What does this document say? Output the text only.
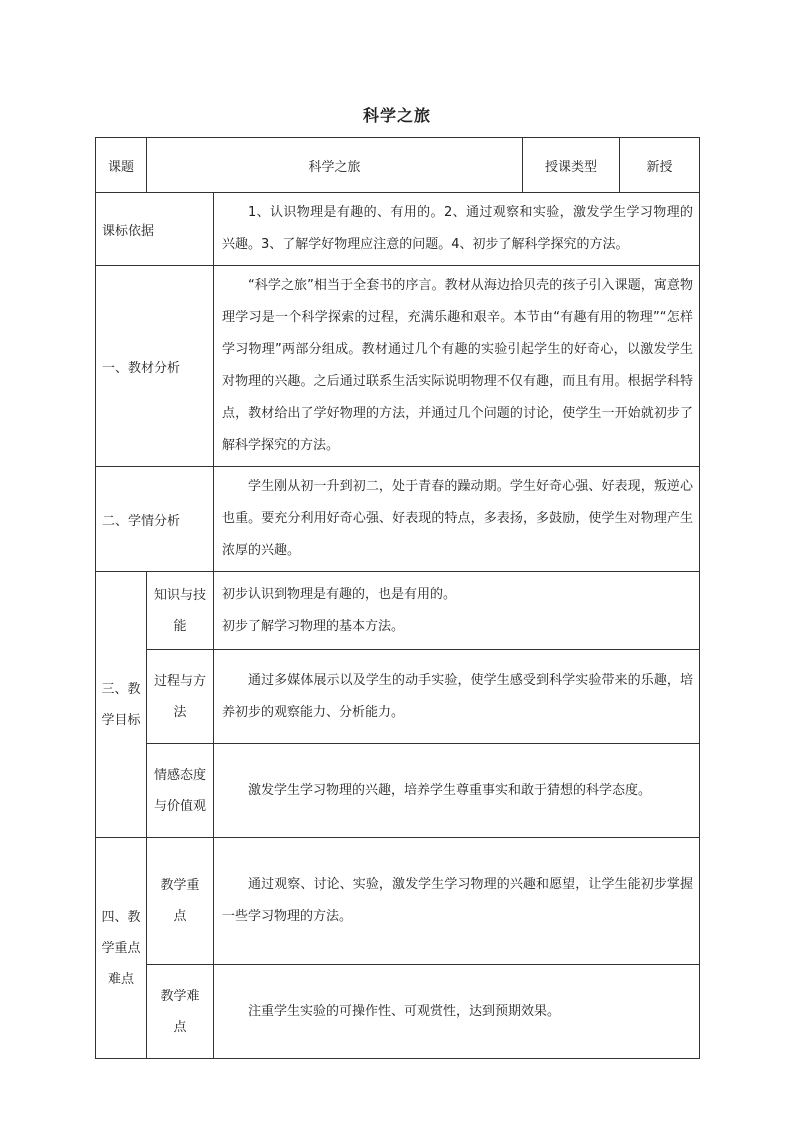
科学之旅
课题	科学之旅		授课类型	新授
课标依据		1、认识物理是有趣的、有用的。2、通过观察和实验，激发学生学习物理的兴趣。3、了解学好物理应注意的问题。4、初步了解科学探究的方法。		
一、教材分析		“科学之旅”相当于全套书的序言。教材从海边拾贝壳的孩子引入课题，寓意物理学习是一个科学探索的过程，充满乐趣和艰辛。本节由“有趣有用的物理”“怎样学习物理”两部分组成。教材通过几个有趣的实验引起学生的好奇心，以激发学生对物理的兴趣。之后通过联系生活实际说明物理不仅有趣，而且有用。根据学科特点，教材给出了学好物理的方法，并通过几个问题的讨论，使学生一开始就初步了解科学探究的方法。		
二、学情分析		学生刚从初一升到初二，处于青春的躁动期。学生好奇心强、好表现，叛逆心也重。要充分利用好奇心强、好表现的特点，多表扬，多鼓励，使学生对物理产生浓厚的兴趣。		
三、教学目标	知识与技能	初步认识到物理是有趣的，也是有用的。
初步了解学习物理的基本方法。		

	过程与方法	通过多媒体展示以及学生的动手实验，使学生感受到科学实验带来的乐趣，培养初步的观察能力、分析能力。		
	情感态度与价值观	激发学生学习物理的兴趣，培养学生尊重事实和敢于猜想的科学态度。		
四、教学重点难点	教学重点	通过观察、讨论、实验，激发学生学习物理的兴趣和愿望，让学生能初步掌握一些学习物理的方法。		
	教学难点	注重学生实验的可操作性、可观赏性，达到预期效果。		
